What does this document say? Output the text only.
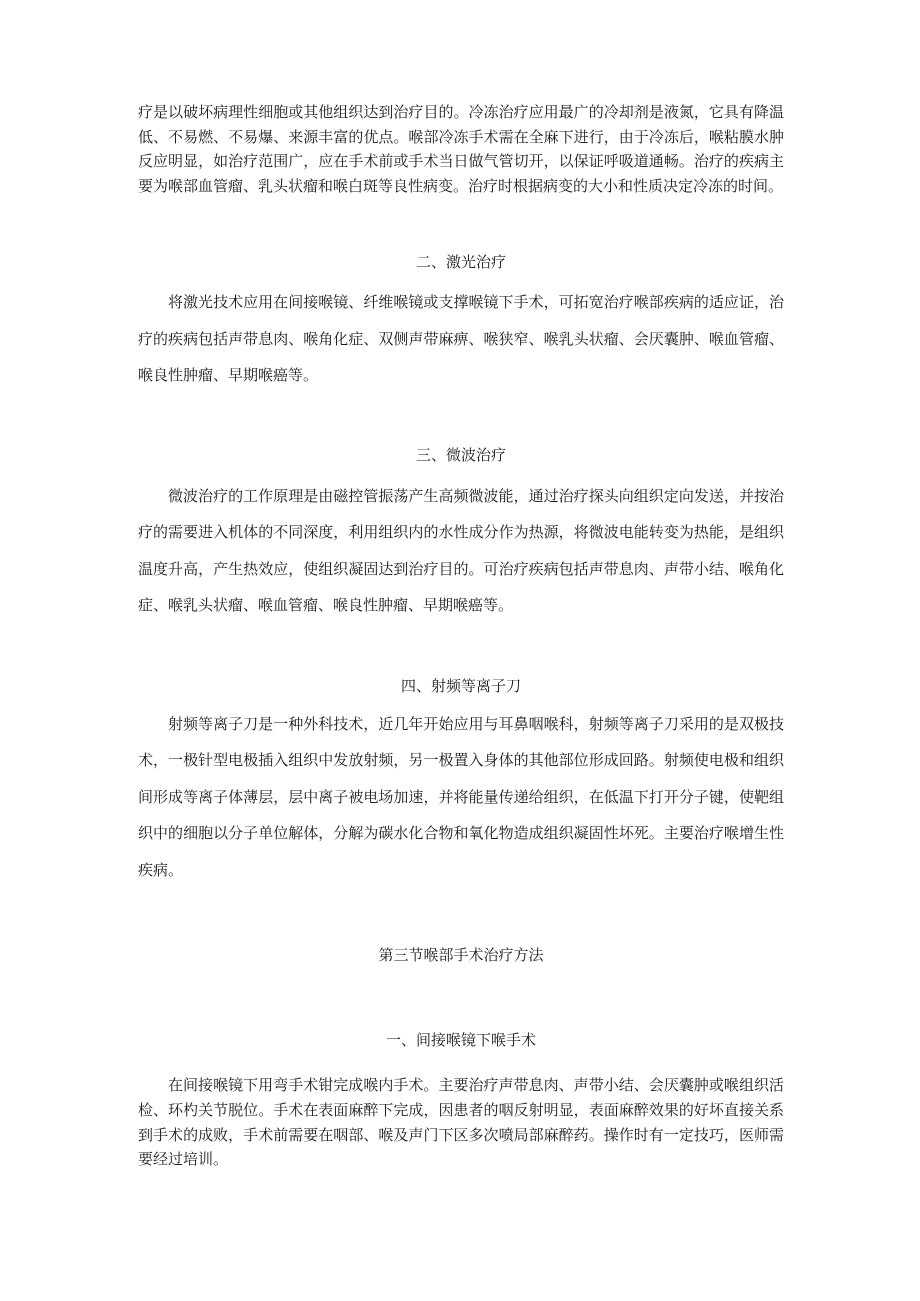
疗是以破坏病理性细胞或其他组织达到治疗目的。冷冻治疗应用最广的冷却剂是液氮，它具有降温低、不易燃、不易爆、来源丰富的优点。喉部冷冻手术需在全麻下进行，由于冷冻后，喉粘膜水肿反应明显，如治疗范围广，应在手术前或手术当日做气管切开，以保证呼吸道通畅。治疗的疾病主要为喉部血管瘤、乳头状瘤和喉白斑等良性病变。治疗时根据病变的大小和性质决定冷冻的时间。

二、激光治疗

将激光技术应用在间接喉镜、纤维喉镜或支撑喉镜下手术，可拓宽治疗喉部疾病的适应证，治疗的疾病包括声带息肉、喉角化症、双侧声带麻痹、喉狭窄、喉乳头状瘤、会厌囊肿、喉血管瘤、喉良性肿瘤、早期喉癌等。

三、微波治疗

微波治疗的工作原理是由磁控管振荡产生高频微波能，通过治疗探头向组织定向发送，并按治疗的需要进入机体的不同深度，利用组织内的水性成分作为热源，将微波电能转变为热能，是组织温度升高，产生热效应，使组织凝固达到治疗目的。可治疗疾病包括声带息肉、声带小结、喉角化症、喉乳头状瘤、喉血管瘤、喉良性肿瘤、早期喉癌等。

四、射频等离子刀

射频等离子刀是一种外科技术，近几年开始应用与耳鼻咽喉科，射频等离子刀采用的是双极技术，一极针型电极插入组织中发放射频，另一极置入身体的其他部位形成回路。射频使电极和组织间形成等离子体薄层，层中离子被电场加速，并将能量传递给组织，在低温下打开分子键，使靶组织中的细胞以分子单位解体，分解为碳水化合物和氧化物造成组织凝固性坏死。主要治疗喉增生性疾病。

第三节喉部手术治疗方法

一、间接喉镜下喉手术

在间接喉镜下用弯手术钳完成喉内手术。主要治疗声带息肉、声带小结、会厌囊肿或喉组织活检、环杓关节脱位。手术在表面麻醉下完成，因患者的咽反射明显，表面麻醉效果的好坏直接关系到手术的成败，手术前需要在咽部、喉及声门下区多次喷局部麻醉药。操作时有一定技巧，医师需要经过培训。
